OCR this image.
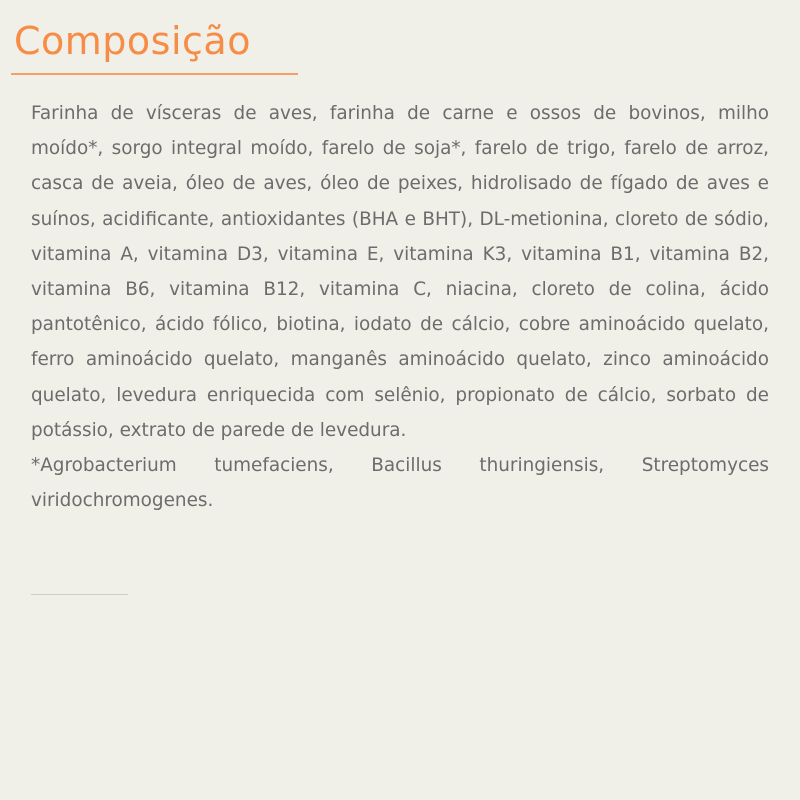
Composição

Farinha de vísceras de aves, farinha de carne e ossos de bovinos, milho moído*, sorgo integral moído, farelo de soja*, farelo de trigo, farelo de arroz, casca de aveia, óleo de aves, óleo de peixes, hidrolisado de fígado de aves e suínos, acidificante, antioxidantes (BHA e BHT), DL-metionina, cloreto de sódio, vitamina A, vitamina D3, vitamina E, vitamina K3, vitamina B1, vitamina B2, vitamina B6, vitamina B12, vitamina C, niacina, cloreto de colina, ácido pantotênico, ácido fólico, biotina, iodato de cálcio, cobre aminoácido quelato, ferro aminoácido quelato, manganês aminoácido quelato, zinco aminoácido quelato, levedura enriquecida com selênio, propionato de cálcio, sorbato de potássio, extrato de parede de levedura.

*Agrobacterium tumefaciens, Bacillus thuringiensis, Streptomyces viridochromogenes.
